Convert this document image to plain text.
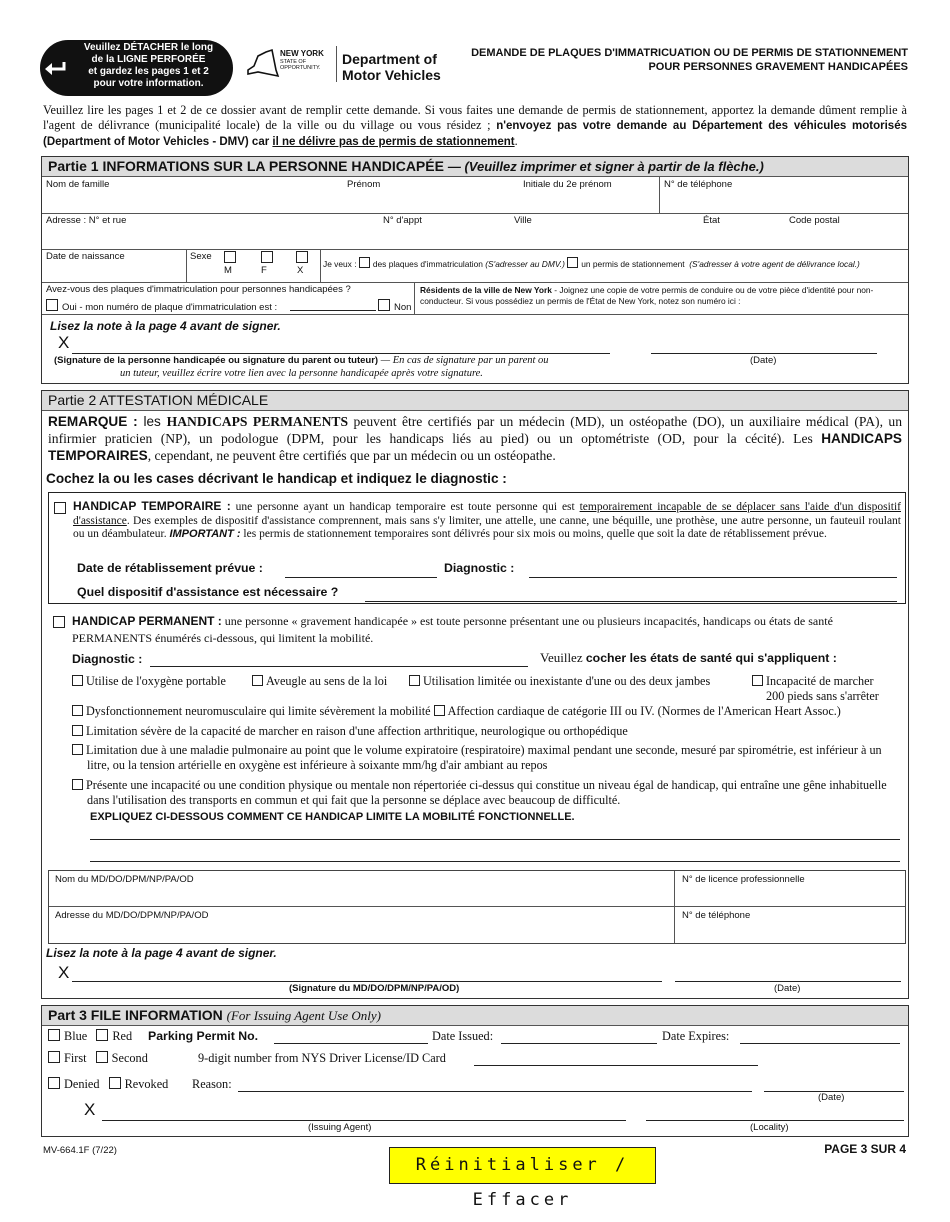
Veuillez DÉTACHER le long
de la LIGNE PERFORÉE
et gardez les pages 1 et 2
pour votre information.
NEW YORK
STATE OF
OPPORTUNITY.
Department of
Motor Vehicles
DEMANDE DE PLAQUES D'IMMATRICUATION OU DE PERMIS DE STATIONNEMENT
POUR PERSONNES GRAVEMENT HANDICAPÉES
Veuillez lire les pages 1 et 2 de ce dossier avant de remplir cette demande. Si vous faites une demande de permis de stationnement, apportez la demande dûment remplie à l'agent de délivrance (municipalité locale) de la ville ou du village ou vous résidez ; n'envoyez pas votre demande au Département des véhicules motorisés (Department of Motor Vehicles - DMV) car il ne délivre pas de permis de stationnement.
Partie 1 INFORMATIONS SUR LA PERSONNE HANDICAPÉE — (Veuillez imprimer et signer à partir de la flèche.)
Nom de famille	Prénom	Initiale du 2e prénom	N° de téléphone
Adresse : N° et rue	N° d'appt	Ville	État	Code postal
Date de naissance	Sexe
M	F	X
Je veux : des plaques d'immatriculation (S'adresser au DMV.) un permis de stationnement (S'adresser à votre agent de délivrance local.)
Avez-vous des plaques d'immatriculation pour personnes handicapées ?
Oui - mon numéro de plaque d'immatriculation est :	Non
Résidents de la ville de New York - Joignez une copie de votre permis de conduire ou de votre pièce d'identité pour non-conducteur. Si vous possédiez un permis de l'État de New York, notez son numéro ici :
Lisez la note à la page 4 avant de signer.
X
(Signature de la personne handicapée ou signature du parent ou tuteur) — En cas de signature par un parent ou
un tuteur, veuillez écrire votre lien avec la personne handicapée après votre signature.
(Date)
Partie 2 ATTESTATION MÉDICALE
REMARQUE : les HANDICAPS PERMANENTS peuvent être certifiés par un médecin (MD), un ostéopathe (DO), un auxiliaire médical (PA), un infirmier praticien (NP), un podologue (DPM, pour les handicaps liés au pied) ou un optométriste (OD, pour la cécité). Les HANDICAPS TEMPORAIRES, cependant, ne peuvent être certifiés que par un médecin ou un ostéopathe.
Cochez la ou les cases décrivant le handicap et indiquez le diagnostic :
HANDICAP TEMPORAIRE : une personne ayant un handicap temporaire est toute personne qui est temporairement incapable de se déplacer sans l'aide d'un dispositif d'assistance. Des exemples de dispositif d'assistance comprennent, mais sans s'y limiter, une attelle, une canne, une béquille, une prothèse, une autre personne, un fauteuil roulant ou un déambulateur. IMPORTANT : les permis de stationnement temporaires sont délivrés pour six mois ou moins, quelle que soit la date de rétablissement prévue.
Date de rétablissement prévue :	Diagnostic :
Quel dispositif d'assistance est nécessaire ?
HANDICAP PERMANENT : une personne « gravement handicapée » est toute personne présentant une ou plusieurs incapacités, handicaps ou états de santé PERMANENTS énumérés ci-dessous, qui limitent la mobilité.
Diagnostic :	Veuillez cocher les états de santé qui s'appliquent :
Utilise de l'oxygène portable	Aveugle au sens de la loi	Utilisation limitée ou inexistante d'une ou des deux jambes	Incapacité de marcher
200 pieds sans s'arrêter
Dysfonctionnement neuromusculaire qui limite sévèrement la mobilité Affection cardiaque de catégorie III ou IV. (Normes de l'American Heart Assoc.)
Limitation sévère de la capacité de marcher en raison d'une affection arthritique, neurologique ou orthopédique
Limitation due à une maladie pulmonaire au point que le volume expiratoire (respiratoire) maximal pendant une seconde, mesuré par spirométrie, est inférieur à un litre, ou la tension artérielle en oxygène est inférieure à soixante mm/hg d'air ambiant au repos
Présente une incapacité ou une condition physique ou mentale non répertoriée ci-dessus qui constitue un niveau égal de handicap, qui entraîne une gêne inhabituelle dans l'utilisation des transports en commun et qui fait que la personne se déplace avec beaucoup de difficulté.
EXPLIQUEZ CI-DESSOUS COMMENT CE HANDICAP LIMITE LA MOBILITÉ FONCTIONNELLE.
Nom du MD/DO/DPM/NP/PA/OD	N° de licence professionnelle
Adresse du MD/DO/DPM/NP/PA/OD	N° de téléphone
Lisez la note à la page 4 avant de signer.
X
(Signature du MD/DO/DPM/NP/PA/OD)	(Date)
Part 3 FILE INFORMATION (For Issuing Agent Use Only)
Blue Red Parking Permit No.	Date Issued:	Date Expires:
First Second	9-digit number from NYS Driver License/ID Card
Denied Revoked Reason:
(Date)
X
(Issuing Agent)	(Locality)
MV-664.1F (7/22)
Réinitialiser / Effacer
PAGE 3 SUR 4
